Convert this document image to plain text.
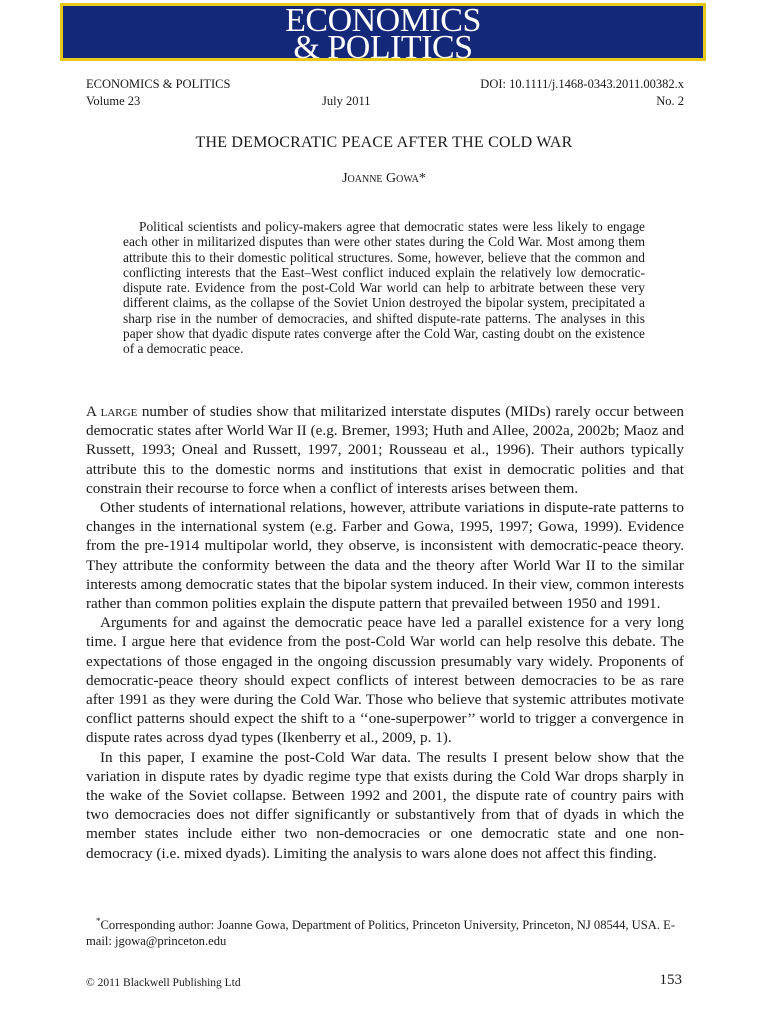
ECONOMICS
& POLITICS
ECONOMICS & POLITICS	DOI: 10.1111/j.1468-0343.2011.00382.x
Volume 23	July 2011	No. 2
THE DEMOCRATIC PEACE AFTER THE COLD WAR
Joanne Gowa*
Political scientists and policy-makers agree that democratic states were less likely to engage each other in militarized disputes than were other states during the Cold War. Most among them attribute this to their domestic political structures. Some, however, believe that the common and conflicting interests that the East–West conflict induced explain the relatively low democratic-dispute rate. Evidence from the post-Cold War world can help to arbitrate between these very different claims, as the collapse of the Soviet Union destroyed the bipolar system, precipitated a sharp rise in the number of democracies, and shifted dispute-rate patterns. The analyses in this paper show that dyadic dispute rates converge after the Cold War, casting doubt on the existence of a democratic peace.

A large number of studies show that militarized interstate disputes (MIDs) rarely occur between democratic states after World War II (e.g. Bremer, 1993; Huth and Allee, 2002a, 2002b; Maoz and Russett, 1993; Oneal and Russett, 1997, 2001; Rousseau et al., 1996). Their authors typically attribute this to the domestic norms and institutions that exist in democratic polities and that constrain their recourse to force when a conflict of interests arises between them.

Other students of international relations, however, attribute variations in dispute-rate patterns to changes in the international system (e.g. Farber and Gowa, 1995, 1997; Gowa, 1999). Evidence from the pre-1914 multipolar world, they observe, is inconsistent with democratic-peace theory. They attribute the conformity between the data and the theory after World War II to the similar interests among democratic states that the bipolar system induced. In their view, common interests rather than common polities explain the dispute pattern that prevailed between 1950 and 1991.

Arguments for and against the democratic peace have led a parallel existence for a very long time. I argue here that evidence from the post-Cold War world can help resolve this debate. The expectations of those engaged in the ongoing discussion presumably vary widely. Proponents of democratic-peace theory should expect conflicts of interest between democracies to be as rare after 1991 as they were during the Cold War. Those who believe that systemic attributes motivate conflict patterns should expect the shift to a ‘‘one-superpower’’ world to trigger a convergence in dispute rates across dyad types (Ikenberry et al., 2009, p. 1).

In this paper, I examine the post-Cold War data. The results I present below show that the variation in dispute rates by dyadic regime type that exists during the Cold War drops sharply in the wake of the Soviet collapse. Between 1992 and 2001, the dispute rate of country pairs with two democracies does not differ significantly or substantively from that of dyads in which the member states include either two non-democracies or one democratic state and one non-democracy (i.e. mixed dyads). Limiting the analysis to wars alone does not affect this finding.

*Corresponding author: Joanne Gowa, Department of Politics, Princeton University, Princeton, NJ 08544, USA. E-mail: jgowa@princeton.edu
© 2011 Blackwell Publishing Ltd	153
